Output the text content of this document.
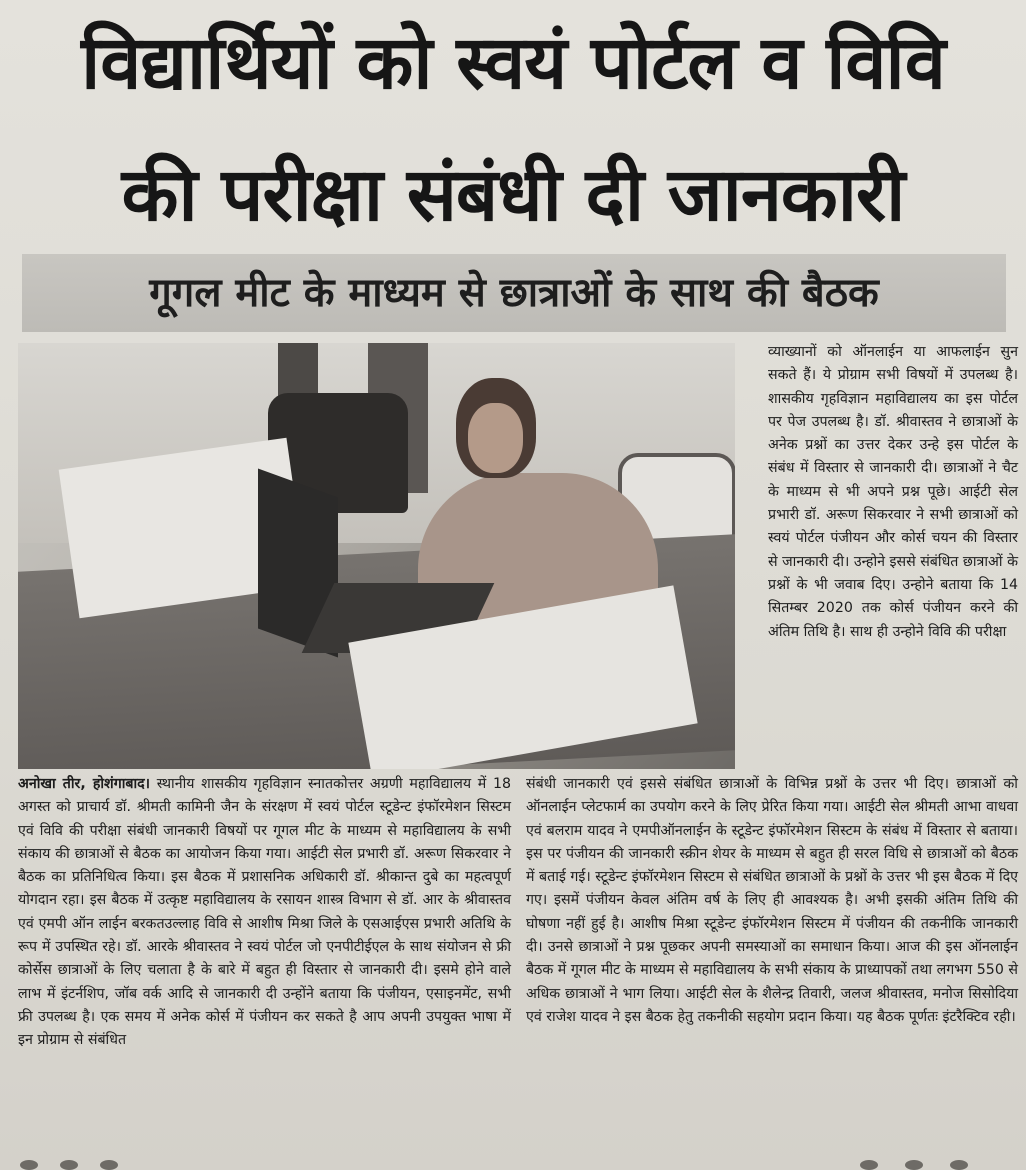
विद्यार्थियों को स्वयं पोर्टल व विवि
की परीक्षा संबंधी दी जानकारी
गूगल मीट के माध्यम से छात्राओं के साथ की बैठक

व्याख्यानों को ऑनलाईन या आफलाईन सुन सकते हैं। ये प्रोग्राम सभी विषयों में उपलब्ध है। शासकीय गृहविज्ञान महाविद्यालय का इस पोर्टल पर पेज उपलब्ध है। डॉ. श्रीवास्तव ने छात्राओं के अनेक प्रश्नों का उत्तर देकर उन्हे इस पोर्टल के संबंध में विस्तार से जानकारी दी। छात्राओं ने चैट के माध्यम से भी अपने प्रश्न पूछे। आईटी सेल प्रभारी डॉ. अरूण सिकरवार ने सभी छात्राओं को स्वयं पोर्टल पंजीयन और कोर्स चयन की विस्तार से जानकारी दी। उन्होने इससे संबंधित छात्राओं के प्रश्नों के भी जवाब दिए। उन्होने बताया कि 14 सितम्बर 2020 तक कोर्स पंजीयन करने की अंतिम तिथि है। साथ ही उन्होने विवि की परीक्षा

अनोखा तीर, होशंगाबाद। स्थानीय शासकीय गृहविज्ञान स्नातकोत्तर अग्रणी महाविद्यालय में 18 अगस्त को प्राचार्य डॉ. श्रीमती कामिनी जैन के संरक्षण में स्वयं पोर्टल स्टूडेन्ट इंफॉरमेशन सिस्टम एवं विवि की परीक्षा संबंधी जानकारी विषयों पर गूगल मीट के माध्यम से महाविद्यालय के सभी संकाय की छात्राओं से बैठक का आयोजन किया गया। आईटी सेल प्रभारी डॉ. अरूण सिकरवार ने बैठक का प्रतिनिधित्व किया। इस बैठक में प्रशासनिक अधिकारी डॉ. श्रीकान्त दुबे का महत्वपूर्ण योगदान रहा। इस बैठक में उत्कृष्ट महाविद्यालय के रसायन शास्त्र विभाग से डॉ. आर के श्रीवास्तव एवं एमपी ऑन लाईन बरकतउल्लाह विवि से आशीष मिश्रा जिले के एसआईएस प्रभारी अतिथि के रूप में उपस्थित रहे। डॉ. आरके श्रीवास्तव ने स्वयं पोर्टल जो एनपीटीईएल के साथ संयोजन से फ्री कोर्सेस छात्राओं के लिए चलाता है के बारे में बहुत ही विस्तार से जानकारी दी। इसमे होने वाले लाभ में इंटर्नशिप, जॉब वर्क आदि से जानकारी दी उन्होंने बताया कि पंजीयन, एसाइनमेंट, सभी फ्री उपलब्ध है। एक समय में अनेक कोर्स में पंजीयन कर सकते है आप अपनी उपयुक्त भाषा में इन प्रोग्राम से संबंधित
संबंधी जानकारी एवं इससे संबंधित छात्राओं के विभिन्न प्रश्नों के उत्तर भी दिए। छात्राओं को ऑनलाईन प्लेटफार्म का उपयोग करने के लिए प्रेरित किया गया। आईटी सेल श्रीमती आभा वाधवा एवं बलराम यादव ने एमपीऑनलाईन के स्टूडेन्ट इंफॉरमेशन सिस्टम के संबंध में विस्तार से बताया। इस पर पंजीयन की जानकारी स्क्रीन शेयर के माध्यम से बहुत ही सरल विधि से छात्राओं को बैठक में बताई गई। स्टूडेन्ट इंफॉरमेशन सिस्टम से संबंधित छात्राओं के प्रश्नों के उत्तर भी इस बैठक में दिए गए। इसमें पंजीयन केवल अंतिम वर्ष के लिए ही आवश्यक है। अभी इसकी अंतिम तिथि की घोषणा नहीं हुई है। आशीष मिश्रा स्टूडेन्ट इंफॉरमेशन सिस्टम में पंजीयन की तकनीकि जानकारी दी। उनसे छात्राओं ने प्रश्न पूछकर अपनी समस्याओं का समाधान किया। आज की इस ऑनलाईन बैठक में गूगल मीट के माध्यम से महाविद्यालय के सभी संकाय के प्राध्यापकों तथा लगभग 550 से अधिक छात्राओं ने भाग लिया। आईटी सेल के शैलेन्द्र तिवारी, जलज श्रीवास्तव, मनोज सिसोदिया एवं राजेश यादव ने इस बैठक हेतु तकनीकी सहयोग प्रदान किया। यह बैठक पूर्णतः इंटरैक्टिव रही।
